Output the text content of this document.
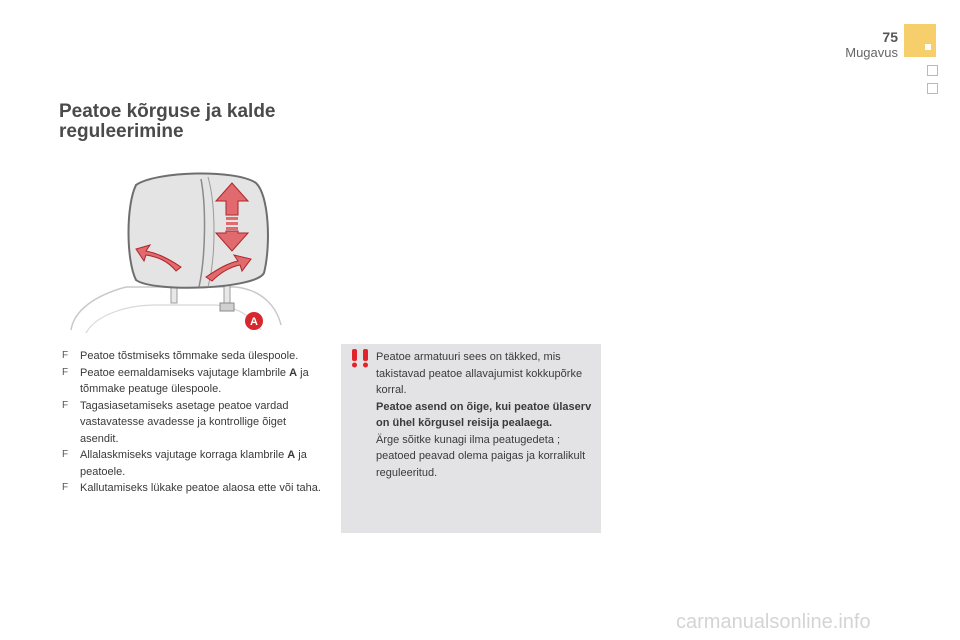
75
Mugavus
Peatoe kõrguse ja kalde
reguleerimine
A
F Peatoe tõstmiseks tõmmake seda ülespoole.
F Peatoe eemaldamiseks vajutage klambrile A ja tõmmake peatuge ülespoole.
F Tagasiasetamiseks asetage peatoe vardad vastavatesse avadesse ja kontrollige õiget asendit.
F Allalaskmiseks vajutage korraga klambrile A ja peatoele.
F Kallutamiseks lükake peatoe alaosa ette või taha.

Peatoe armatuuri sees on täkked, mis takistavad peatoe allavajumist kokkupõrke korral.

Peatoe asend on õige, kui peatoe ülaserv on ühel kõrgusel reisija pealaega.

Ärge sõitke kunagi ilma peatugedeta ; peatoed peavad olema paigas ja korralikult reguleeritud.

carmanualsonline.info
